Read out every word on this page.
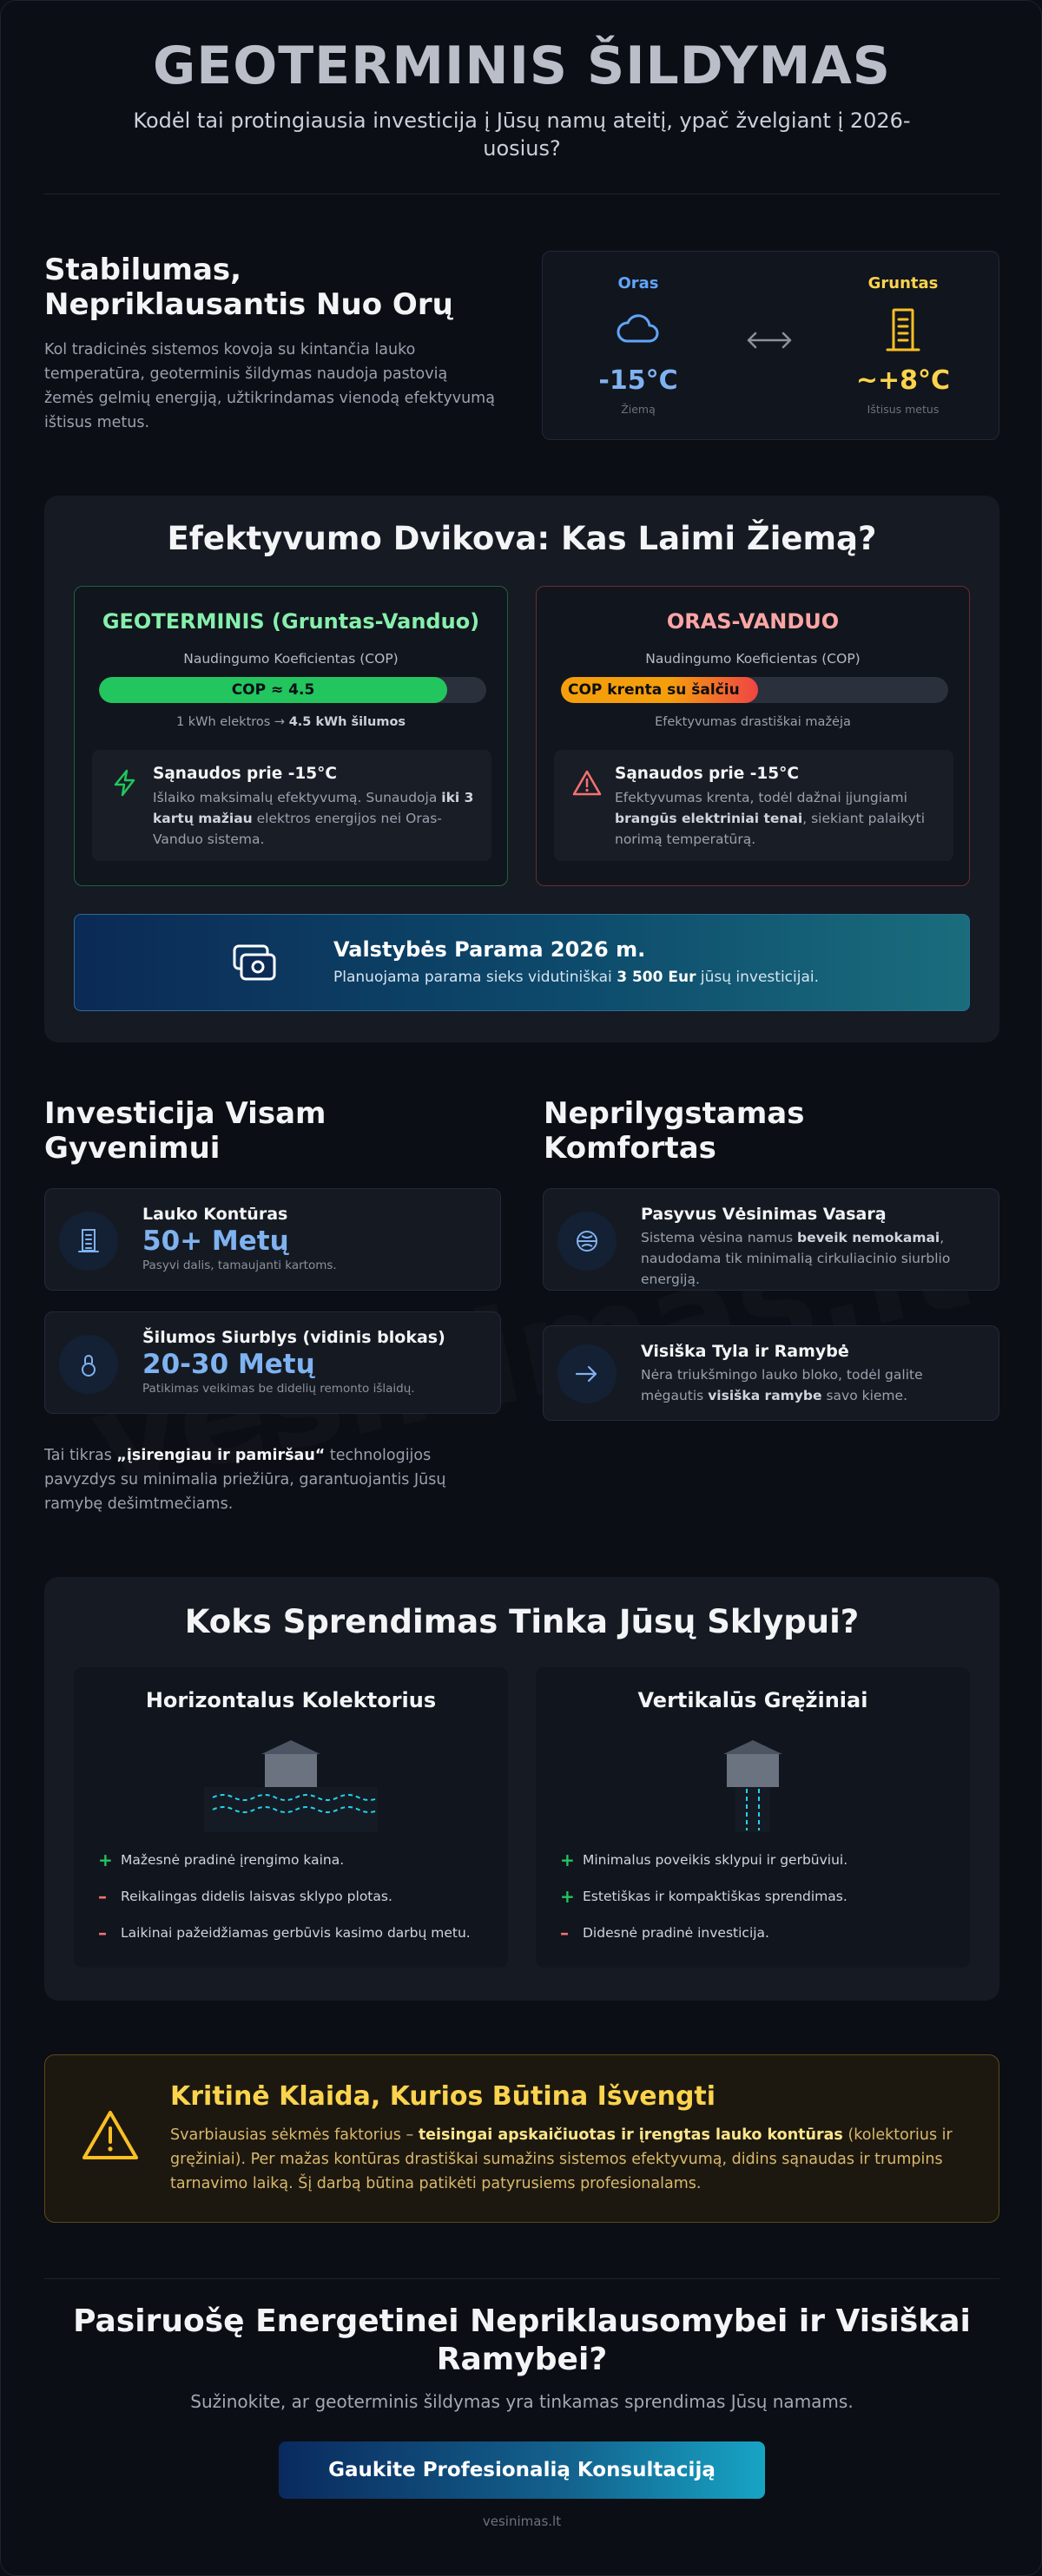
GEOTERMINIS ŠILDYMAS

Kodėl tai protingiausia investicija į Jūsų namų ateitį, ypač žvelgiant į 2026-uosius?

Stabilumas,
Nepriklausantis Nuo Orų

Kol tradicinės sistemos kovoja su kintančia lauko temperatūra, geoterminis šildymas naudoja pastovią žemės gelmių energiją, užtikrindamas vienodą efektyvumą ištisus metus.

Oras
-15°C
Žiemą
Gruntas
~+8°C
Ištisus metus
Efektyvumo Dvikova: Kas Laimi Žiemą?
GEOTERMINIS (Gruntas-Vanduo)
Naudingumo Koeficientas (COP)
COP ≈ 4.5
1 kWh elektros → 4.5 kWh šilumos
Sąnaudos prie -15°C

Išlaiko maksimalų efektyvumą. Sunaudoja iki 3 kartų mažiau elektros energijos nei Oras-Vanduo sistema.

ORAS-VANDUO
Naudingumo Koeficientas (COP)
COP krenta su šalčiu
Efektyvumas drastiškai mažėja
Sąnaudos prie -15°C

Efektyvumas krenta, todėl dažnai įjungiami brangūs elektriniai tenai, siekiant palaikyti norimą temperatūrą.

Valstybės Parama 2026 m.

Planuojama parama sieks vidutiniškai 3 500 Eur jūsų investicijai.

Investicija Visam
Gyvenimui
Lauko Kontūras
50+ Metų
Pasyvi dalis, tamaujanti kartoms.
Šilumos Siurblys (vidinis blokas)
20-30 Metų
Patikimas veikimas be didelių remonto išlaidų.

Tai tikras „įsirengiau ir pamiršau“ technologijos pavyzdys su minimalia priežiūra, garantuojantis Jūsų ramybę dešimtmečiams.

Neprilygstamas
Komfortas
Pasyvus Vėsinimas Vasarą

Sistema vėsina namus beveik nemokamai, naudodama tik minimalią cirkuliacinio siurblio energiją.

Visiška Tyla ir Ramybė

Nėra triukšmingo lauko bloko, todėl galite mėgautis visiška ramybe savo kieme.

Koks Sprendimas Tinka Jūsų Sklypui?
Horizontalus Kolektorius
+ Mažesnė pradinė įrengimo kaina.
– Reikalingas didelis laisvas sklypo plotas.
– Laikinai pažeidžiamas gerbūvis kasimo darbų metu.
Vertikalūs Gręžiniai
+ Minimalus poveikis sklypui ir gerbūviui.
+ Estetiškas ir kompaktiškas sprendimas.
– Didesnė pradinė investicija.
Kritinė Klaida, Kurios Būtina Išvengti

Svarbiausias sėkmės faktorius – teisingai apskaičiuotas ir įrengtas lauko kontūras (kolektorius ir gręžiniai). Per mažas kontūras drastiškai sumažins sistemos efektyvumą, didins sąnaudas ir trumpins tarnavimo laiką. Šį darbą būtina patikėti patyrusiems profesionalams.

Pasiruošę Energetinei Nepriklausomybei ir Visiškai Ramybei?

Sužinokite, ar geoterminis šildymas yra tinkamas sprendimas Jūsų namams.

Gaukite Profesionalią Konsultaciją
vesinimas.lt
